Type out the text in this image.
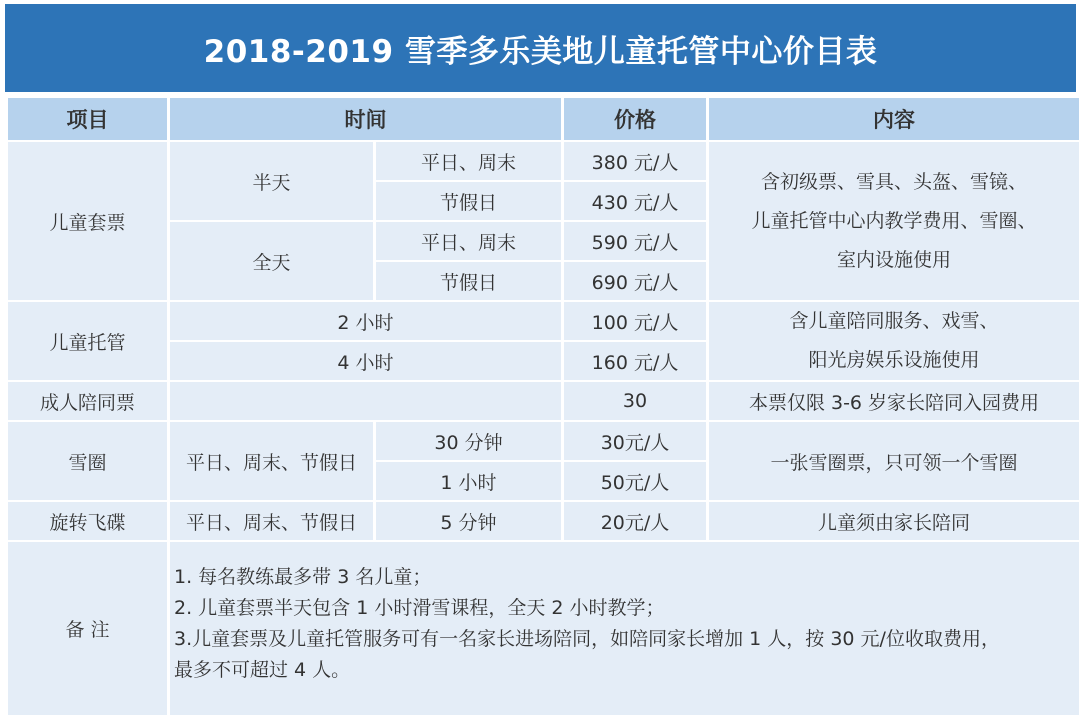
2018-2019 雪季多乐美地儿童托管中心价目表
项目	时间		价格	内容
儿童套票	半天	平日、周末	380 元/人	含初级票、雪具、头盔、雪镜、
儿童托管中心内教学费用、雪圈、
室内设施使用

		节假日	430 元/人	
	全天	平日、周末	590 元/人	
		节假日	690 元/人	
儿童托管	2 小时		100 元/人	含儿童陪同服务、戏雪、
阳光房娱乐设施使用

	4 小时		160 元/人	
成人陪同票			30	本票仅限 3-6 岁家长陪同入园费用
雪圈	平日、周末、节假日	30 分钟	30元/人	一张雪圈票，只可领一个雪圈
		1 小时	50元/人	
旋转飞碟	平日、周末、节假日	5 分钟	20元/人	儿童须由家长陪同
备 注	1. 每名教练最多带 3 名儿童；
2. 儿童套票半天包含 1 小时滑雪课程，全天 2 小时教学；
3.儿童套票及儿童托管服务可有一名家长进场陪同，如陪同家长增加 1 人，按 30 元/位收取费用，
最多不可超过 4 人。			
